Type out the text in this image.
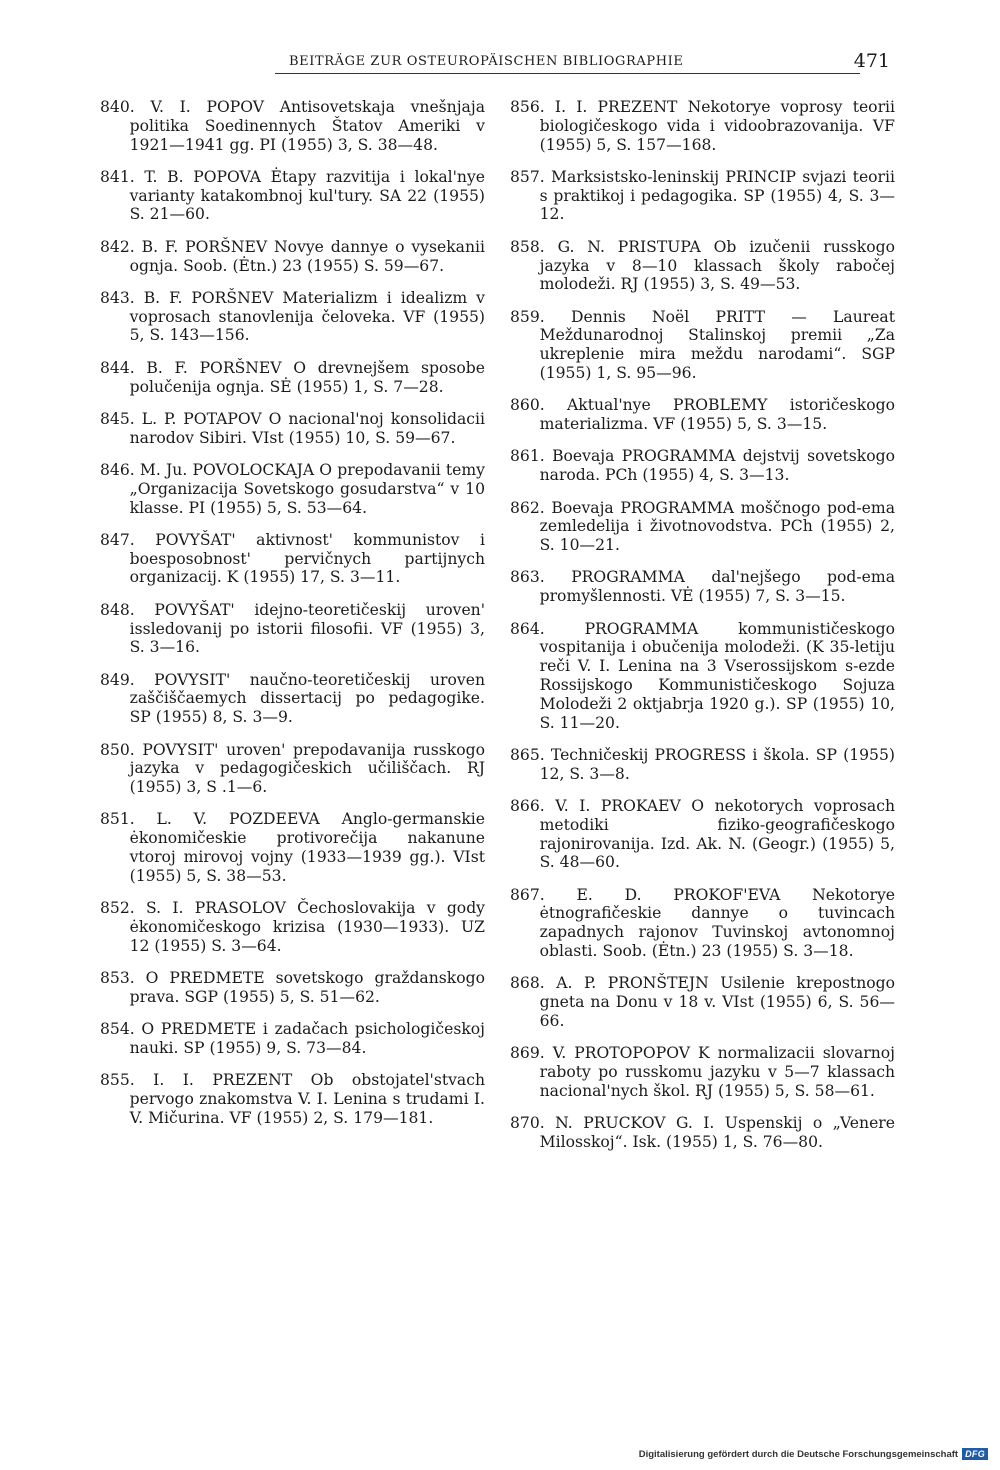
BEITRÄGE ZUR OSTEUROPÄISCHEN BIBLIOGRAPHIE	471

840. V. I. POPOV Antisovetskaja vnešnjaja politika Soedinennych Štatov Ameriki v 1921—1941 gg. PI (1955) 3, S. 38—48.

841. T. B. POPOVA Ėtapy razvitija i lokal'nye varianty katakombnoj kul'tury. SA 22 (1955) S. 21—60.

842. B. F. PORŠNEV Novye dannye o vysekanii ognja. Soob. (Ėtn.) 23 (1955) S. 59—67.

843. B. F. PORŠNEV Materializm i idealizm v voprosach stanovlenija čeloveka. VF (1955) 5, S. 143—156.

844. B. F. PORŠNEV O drevnejšem sposobe polučenija ognja. SĖ (1955) 1, S. 7—28.

845. L. P. POTAPOV O nacional'noj konsolidacii narodov Sibiri. VIst (1955) 10, S. 59—67.

846. M. Ju. POVOLOCKAJA O prepodavanii temy „Organizacija Sovetskogo gosudarstva“ v 10 klasse. PI (1955) 5, S. 53—64.

847. POVYŠAT' aktivnost' kommunistov i boesposobnost' pervičnych partijnych organizacij. K (1955) 17, S. 3—11.

848. POVYŠAT' idejno-teoretičeskij uroven' issledovanij po istorii filosofii. VF (1955) 3, S. 3—16.

849. POVYSIT' naučno-teoretičeskij uroven zaščiščaemych dissertacij po pedagogike. SP (1955) 8, S. 3—9.

850. POVYSIT' uroven' prepodavanija russkogo jazyka v pedagogičeskich učiliščach. RJ (1955) 3, S .1—6.

851. L. V. POZDEEVA Anglo-germanskie ėkonomičeskie protivorečija nakanune vtoroj mirovoj vojny (1933—1939 gg.). VIst (1955) 5, S. 38—53.

852. S. I. PRASOLOV Čechoslovakija v gody ėkonomičeskogo krizisa (1930—1933). UZ 12 (1955) S. 3—64.

853. O PREDMETE sovetskogo graždanskogo prava. SGP (1955) 5, S. 51—62.

854. O PREDMETE i zadačach psichologičeskoj nauki. SP (1955) 9, S. 73—84.

855. I. I. PREZENT Ob obstojatel'stvach pervogo znakomstva V. I. Lenina s trudami I. V. Mičurina. VF (1955) 2, S. 179—181.

856. I. I. PREZENT Nekotorye voprosy teorii biologičeskogo vida i vidoobrazovanija. VF (1955) 5, S. 157—168.

857. Marksistsko-leninskij PRINCIP svjazi teorii s praktikoj i pedagogika. SP (1955) 4, S. 3—12.

858. G. N. PRISTUPA Ob izučenii russkogo jazyka v 8—10 klassach školy rabočej molodeži. RJ (1955) 3, S. 49—53.

859. Dennis Noël PRITT — Laureat Meždunarodnoj Stalinskoj premii „Za ukreplenie mira meždu narodami“. SGP (1955) 1, S. 95—96.

860. Aktual'nye PROBLEMY istoričeskogo materializma. VF (1955) 5, S. 3—15.

861. Boevaja PROGRAMMA dejstvij sovetskogo naroda. PCh (1955) 4, S. 3—13.

862. Boevaja PROGRAMMA moščnogo pod-ema zemledelija i životnovodstva. PCh (1955) 2, S. 10—21.

863. PROGRAMMA dal'nejšego pod-ema promyšlennosti. VĖ (1955) 7, S. 3—15.

864. PROGRAMMA kommunističeskogo vospitanija i obučenija molodeži. (K 35-letiju reči V. I. Lenina na 3 Vserossijskom s-ezde Rossijskogo Kommunističeskogo Sojuza Molodeži 2 oktjabrja 1920 g.). SP (1955) 10, S. 11—20.

865. Techničeskij PROGRESS i škola. SP (1955) 12, S. 3—8.

866. V. I. PROKAEV O nekotorych voprosach metodiki fiziko-geografičeskogo rajonirovanija. Izd. Ak. N. (Geogr.) (1955) 5, S. 48—60.

867. E. D. PROKOF'EVA Nekotorye ėtnografičeskie dannye o tuvincach zapadnych rajonov Tuvinskoj avtonomnoj oblasti. Soob. (Ėtn.) 23 (1955) S. 3—18.

868. A. P. PRONŠTEJN Usilenie krepostnogo gneta na Donu v 18 v. VIst (1955) 6, S. 56—66.

869. V. PROTOPOPOV K normalizacii slovarnoj raboty po russkomu jazyku v 5—7 klassach nacional'nych škol. RJ (1955) 5, S. 58—61.

870. N. PRUCKOV G. I. Uspenskij o „Venere Milosskoj“. Isk. (1955) 1, S. 76—80.

Digitalisierung gefördert durch die Deutsche Forschungsgemeinschaft DFG
